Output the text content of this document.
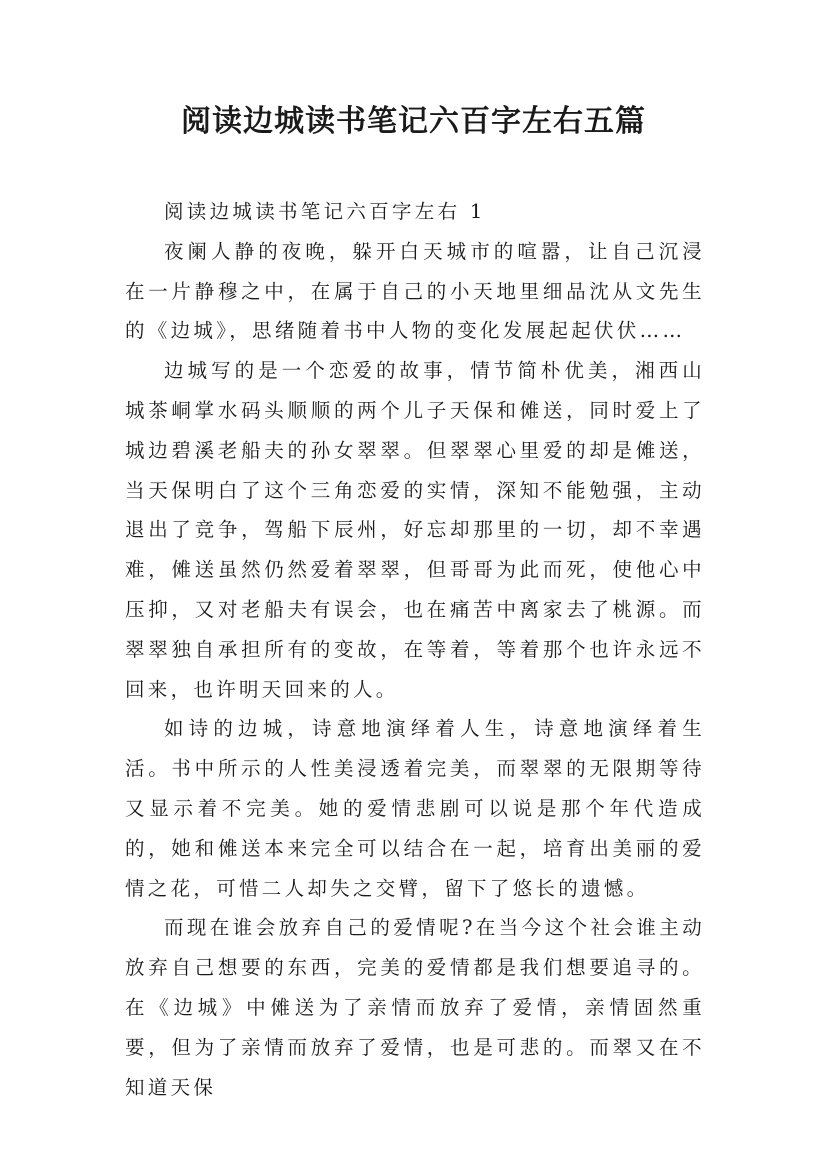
阅读边城读书笔记六百字左右五篇

阅读边城读书笔记六百字左右 1

夜阑人静的夜晚，躲开白天城市的喧嚣，让自己沉浸在一片静穆之中，在属于自己的小天地里细品沈从文先生的《边城》，思绪随着书中人物的变化发展起起伏伏……

边城写的是一个恋爱的故事，情节简朴优美，湘西山城茶峒掌水码头顺顺的两个儿子天保和傩送，同时爱上了城边碧溪老船夫的孙女翠翠。但翠翠心里爱的却是傩送，当天保明白了这个三角恋爱的实情，深知不能勉强，主动退出了竞争，驾船下辰州，好忘却那里的一切，却不幸遇难，傩送虽然仍然爱着翠翠，但哥哥为此而死，使他心中压抑，又对老船夫有误会，也在痛苦中离家去了桃源。而翠翠独自承担所有的变故，在等着，等着那个也许永远不回来，也许明天回来的人。

如诗的边城，诗意地演绎着人生，诗意地演绎着生活。书中所示的人性美浸透着完美，而翠翠的无限期等待又显示着不完美。她的爱情悲剧可以说是那个年代造成的，她和傩送本来完全可以结合在一起，培育出美丽的爱情之花，可惜二人却失之交臂，留下了悠长的遗憾。

而现在谁会放弃自己的爱情呢?在当今这个社会谁主动放弃自己想要的东西，完美的爱情都是我们想要追寻的。在《边城》中傩送为了亲情而放弃了爱情，亲情固然重要，但为了亲情而放弃了爱情，也是可悲的。而翠又在不知道天保
